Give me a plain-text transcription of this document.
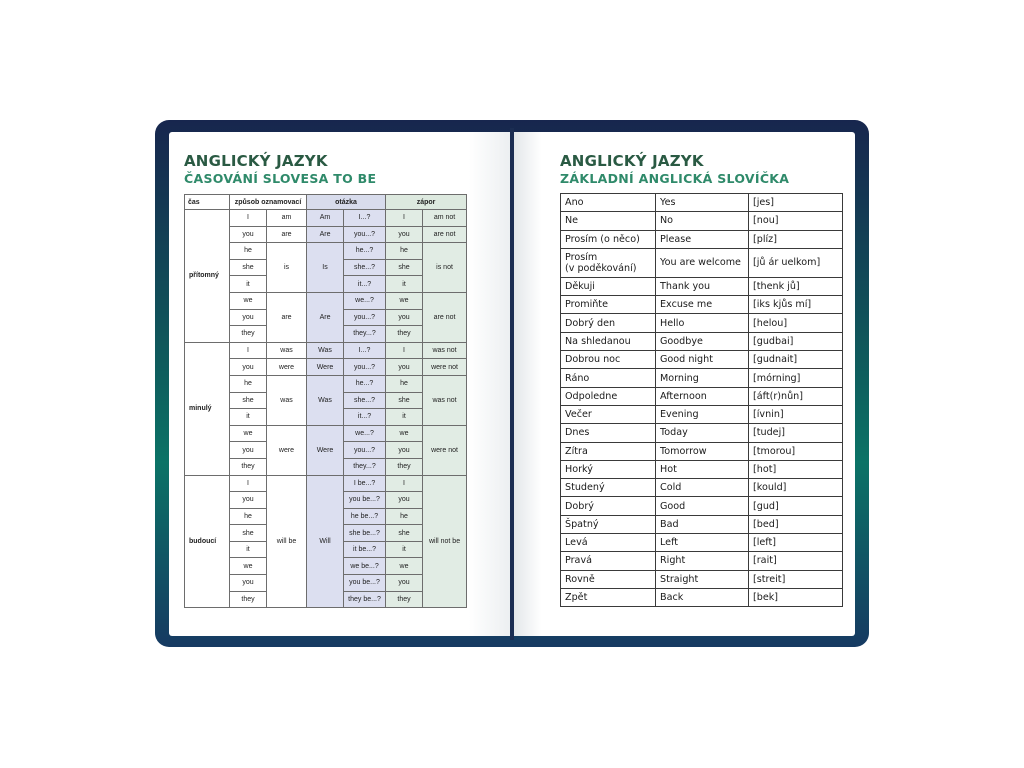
ANGLICKÝ JAZYK
ČASOVÁNÍ SLOVESA TO BE
čas	způsob oznamovací		otázka		zápor	
přítomný	I	am	Am	I...?	I	am not
	you	are	Are	you...?	you	are not
	he	is	Is	he...?	he	is not
	she			she...?	she	
	it			it...?	it	
	we	are	Are	we...?	we	are not
	you			you...?	you	
	they			they...?	they	
minulý	I	was	Was	I...?	I	was not
	you	were	Were	you...?	you	were not
	he	was	Was	he...?	he	was not
	she			she...?	she	
	it			it...?	it	
	we	were	Were	we...?	we	were not
	you			you...?	you	
	they			they...?	they	
budoucí	I	will be	Will	I be...?	I	will not be
	you			you be...?	you	
	he			he be...?	he	
	she			she be...?	she	
	it			it be...?	it	
	we			we be...?	we	
	you			you be...?	you	
	they			they be...?	they	
ANGLICKÝ JAZYK
ZÁKLADNÍ ANGLICKÁ SLOVÍČKA
Ano	Yes	[jes]
Ne	No	[nou]
Prosím (o něco)	Please	[plíz]
Prosím
(v poděkování)	You are welcome	[jů ár uelkom]
Děkuji	Thank you	[thenk jů]
Promiňte	Excuse me	[iks kjůs mí]
Dobrý den	Hello	[helou]
Na shledanou	Goodbye	[gudbai]
Dobrou noc	Good night	[gudnait]
Ráno	Morning	[mórning]
Odpoledne	Afternoon	[áft(r)nůn]
Večer	Evening	[ívnin]
Dnes	Today	[tudej]
Zítra	Tomorrow	[tmorou]
Horký	Hot	[hot]
Studený	Cold	[kould]
Dobrý	Good	[gud]
Špatný	Bad	[bed]
Levá	Left	[left]
Pravá	Right	[rait]
Rovně	Straight	[streit]
Zpět	Back	[bek]
